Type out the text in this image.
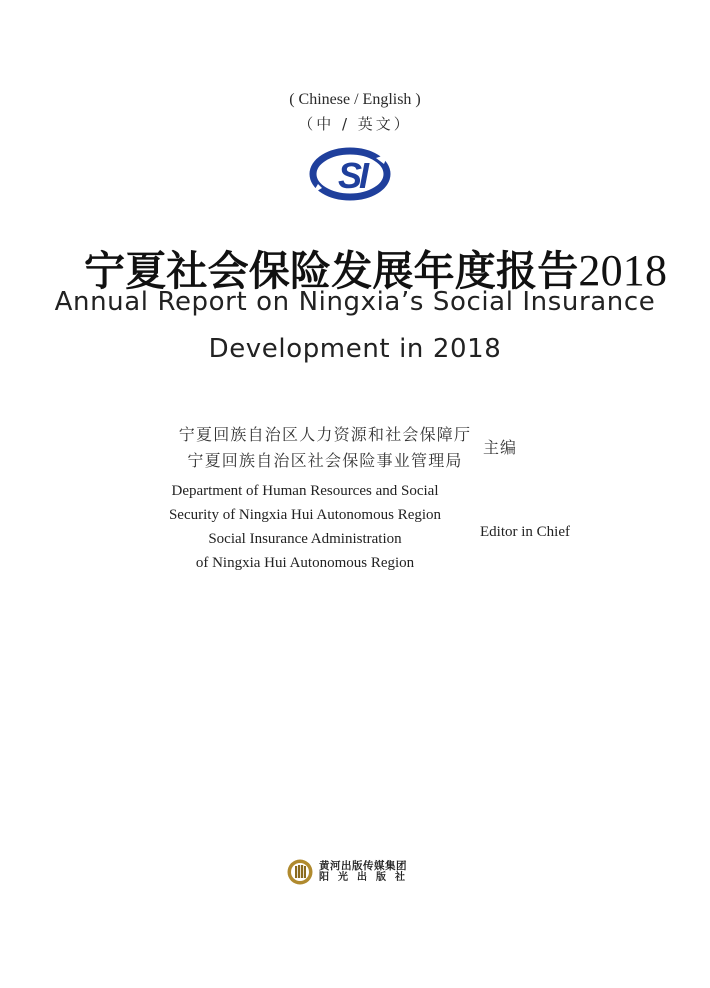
( Chinese / English )
（中 / 英文）
SI
宁夏社会保险发展年度报告2018
Annual Report on Ningxia’s Social Insurance
Development in 2018
宁夏回族自治区人力资源和社会保障厅
宁夏回族自治区社会保险事业管理局
主编
Department of Human Resources and Social
Security of Ningxia Hui Autonomous Region
Social Insurance Administration
of Ningxia Hui Autonomous Region
Editor in Chief
黄河出版传媒集团
阳光出版社
